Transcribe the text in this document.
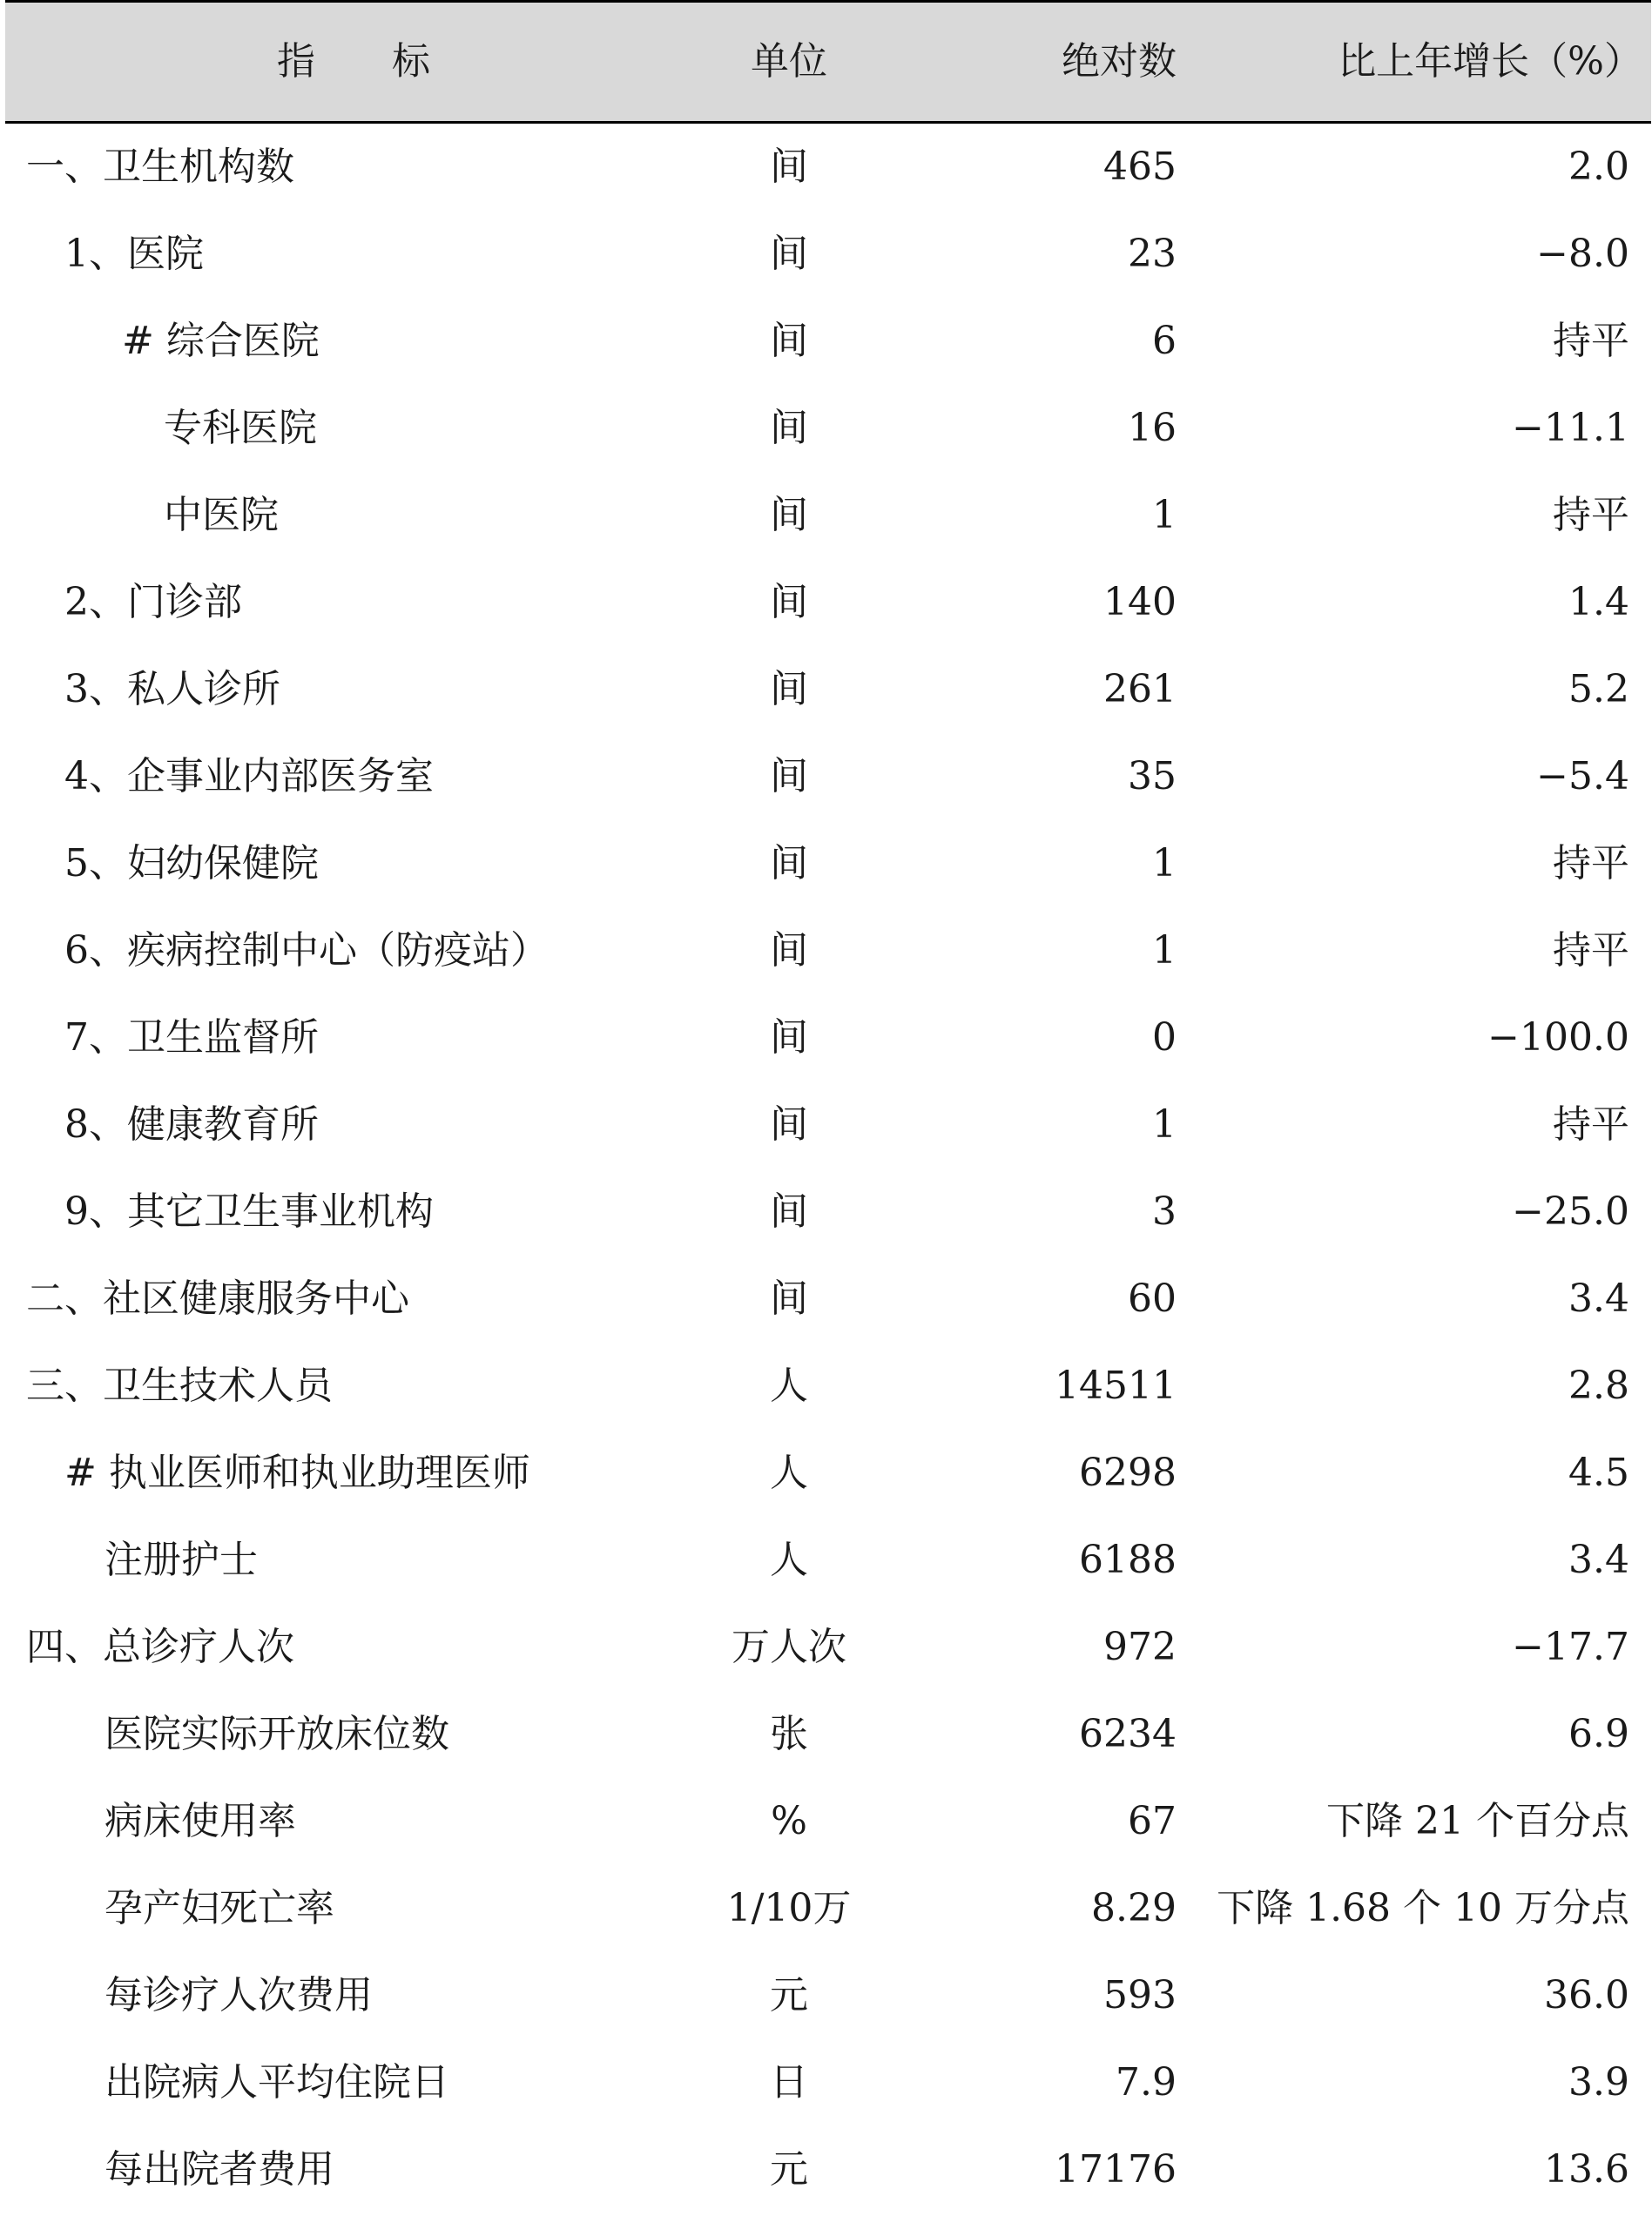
指　　标	单位	绝对数	比上年增长（%）
一、卫生机构数	间	465	2.0
1、医院	间	23	−8.0
# 综合医院	间	6	持平
专科医院	间	16	−11.1
中医院	间	1	持平
2、门诊部	间	140	1.4
3、私人诊所	间	261	5.2
4、企事业内部医务室	间	35	−5.4
5、妇幼保健院	间	1	持平
6、疾病控制中心（防疫站）	间	1	持平
7、卫生监督所	间	0	−100.0
8、健康教育所	间	1	持平
9、其它卫生事业机构	间	3	−25.0
二、社区健康服务中心	间	60	3.4
三、卫生技术人员	人	14511	2.8
# 执业医师和执业助理医师	人	6298	4.5
注册护士	人	6188	3.4
四、总诊疗人次	万人次	972	−17.7
医院实际开放床位数	张	6234	6.9
病床使用率	%	67	下降 21 个百分点
孕产妇死亡率	1/10万	8.29	下降 1.68 个 10 万分点
每诊疗人次费用	元	593	36.0
出院病人平均住院日	日	7.9	3.9
每出院者费用	元	17176	13.6
